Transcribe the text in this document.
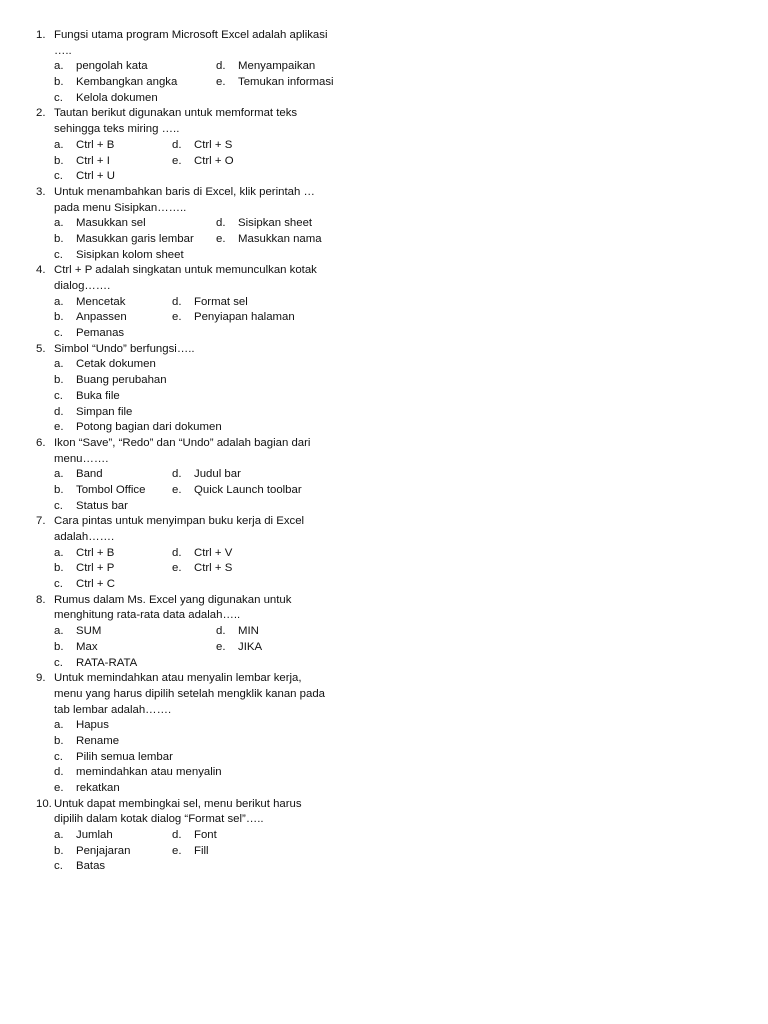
1. Fungsi utama program Microsoft Excel adalah aplikasi
…..
a. pengolah kata	d. Menyampaikan
b. Kembangkan angka	e. Temukan informasi
c. Kelola dokumen
2. Tautan berikut digunakan untuk memformat teks
sehingga teks miring …..
a. Ctrl + B	d. Ctrl + S
b. Ctrl + I	e. Ctrl + O
c. Ctrl + U
3. Untuk menambahkan baris di Excel, klik perintah …
pada menu Sisipkan……..
a. Masukkan sel	d. Sisipkan sheet
b. Masukkan garis lembar e. Masukkan nama
c. Sisipkan kolom sheet
4. Ctrl + P adalah singkatan untuk memunculkan kotak
dialog…….
a. Mencetak	d. Format sel
b. Anpassen	e. Penyiapan halaman
c. Pemanas
5. Simbol “Undo” berfungsi…..
a. Cetak dokumen
b. Buang perubahan
c. Buka file
d. Simpan file
e. Potong bagian dari dokumen
6. Ikon “Save”, “Redo” dan “Undo” adalah bagian dari
menu…….
a. Band	d. Judul bar
b. Tombol Office e. Quick Launch toolbar
c. Status bar
7. Cara pintas untuk menyimpan buku kerja di Excel
adalah…….
a. Ctrl + B	d. Ctrl + V
b. Ctrl + P	e. Ctrl + S
c. Ctrl + C
8. Rumus dalam Ms. Excel yang digunakan untuk
menghitung rata-rata data adalah…..
a. SUM	d. MIN
b. Max	e. JIKA
c. RATA-RATA
9. Untuk memindahkan atau menyalin lembar kerja,
menu yang harus dipilih setelah mengklik kanan pada
tab lembar adalah…….
a. Hapus
b. Rename
c. Pilih semua lembar
d. memindahkan atau menyalin
e. rekatkan
10. Untuk dapat membingkai sel, menu berikut harus
dipilih dalam kotak dialog “Format sel”…..
a. Jumlah	d. Font
b. Penjajaran	e. Fill
c. Batas
